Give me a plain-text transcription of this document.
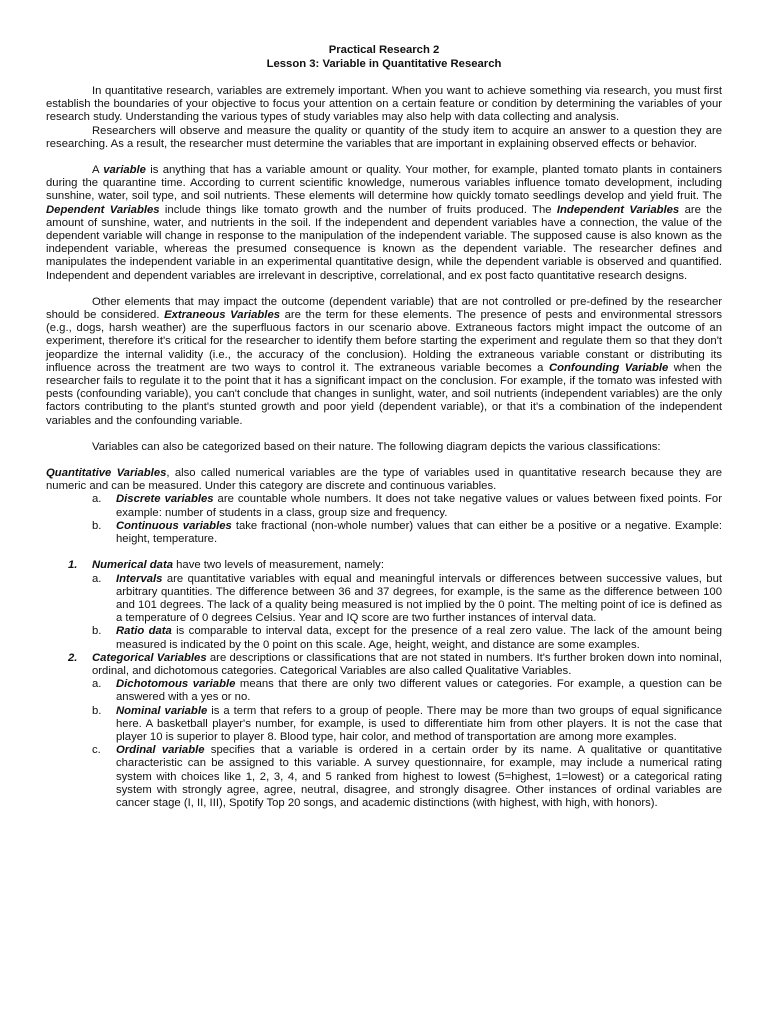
Practical Research 2
Lesson 3: Variable in Quantitative Research

In quantitative research, variables are extremely important. When you want to achieve something via research, you must first establish the boundaries of your objective to focus your attention on a certain feature or condition by determining the variables of your research study. Understanding the various types of study variables may also help with data collecting and analysis.

Researchers will observe and measure the quality or quantity of the study item to acquire an answer to a question they are researching. As a result, the researcher must determine the variables that are important in explaining observed effects or behavior.

A variable is anything that has a variable amount or quality. Your mother, for example, planted tomato plants in containers during the quarantine time. According to current scientific knowledge, numerous variables influence tomato development, including sunshine, water, soil type, and soil nutrients. These elements will determine how quickly tomato seedlings develop and yield fruit. The Dependent Variables include things like tomato growth and the number of fruits produced. The Independent Variables are the amount of sunshine, water, and nutrients in the soil. If the independent and dependent variables have a connection, the value of the dependent variable will change in response to the manipulation of the independent variable. The supposed cause is also known as the independent variable, whereas the presumed consequence is known as the dependent variable. The researcher defines and manipulates the independent variable in an experimental quantitative design, while the dependent variable is observed and quantified. Independent and dependent variables are irrelevant in descriptive, correlational, and ex post facto quantitative research designs.

Other elements that may impact the outcome (dependent variable) that are not controlled or pre-defined by the researcher should be considered. Extraneous Variables are the term for these elements. The presence of pests and environmental stressors (e.g., dogs, harsh weather) are the superfluous factors in our scenario above. Extraneous factors might impact the outcome of an experiment, therefore it's critical for the researcher to identify them before starting the experiment and regulate them so that they don't jeopardize the internal validity (i.e., the accuracy of the conclusion). Holding the extraneous variable constant or distributing its influence across the treatment are two ways to control it. The extraneous variable becomes a Confounding Variable when the researcher fails to regulate it to the point that it has a significant impact on the conclusion. For example, if the tomato was infested with pests (confounding variable), you can't conclude that changes in sunlight, water, and soil nutrients (independent variables) are the only factors contributing to the plant's stunted growth and poor yield (dependent variable), or that it's a combination of the independent variables and the confounding variable.

Variables can also be categorized based on their nature. The following diagram depicts the various classifications:

Quantitative Variables, also called numerical variables are the type of variables used in quantitative research because they are numeric and can be measured. Under this category are discrete and continuous variables.

a. Discrete variables are countable whole numbers. It does not take negative values or values between fixed points. For example: number of students in a class, group size and frequency.
b. Continuous variables take fractional (non-whole number) values that can either be a positive or a negative. Example: height, temperature.
1. Numerical data have two levels of measurement, namely:
a. Intervals are quantitative variables with equal and meaningful intervals or differences between successive values, but arbitrary quantities. The difference between 36 and 37 degrees, for example, is the same as the difference between 100 and 101 degrees. The lack of a quality being measured is not implied by the 0 point. The melting point of ice is defined as a temperature of 0 degrees Celsius. Year and IQ score are two further instances of interval data.
b. Ratio data is comparable to interval data, except for the presence of a real zero value. The lack of the amount being measured is indicated by the 0 point on this scale. Age, height, weight, and distance are some examples.
2. Categorical Variables are descriptions or classifications that are not stated in numbers. It's further broken down into nominal, ordinal, and dichotomous categories. Categorical Variables are also called Qualitative Variables.
a. Dichotomous variable means that there are only two different values or categories. For example, a question can be answered with a yes or no.
b. Nominal variable is a term that refers to a group of people. There may be more than two groups of equal significance here. A basketball player's number, for example, is used to differentiate him from other players. It is not the case that player 10 is superior to player 8. Blood type, hair color, and method of transportation are among more examples.
c. Ordinal variable specifies that a variable is ordered in a certain order by its name. A qualitative or quantitative characteristic can be assigned to this variable. A survey questionnaire, for example, may include a numerical rating system with choices like 1, 2, 3, 4, and 5 ranked from highest to lowest (5=highest, 1=lowest) or a categorical rating system with strongly agree, agree, neutral, disagree, and strongly disagree. Other instances of ordinal variables are cancer stage (I, II, III), Spotify Top 20 songs, and academic distinctions (with highest, with high, with honors).
